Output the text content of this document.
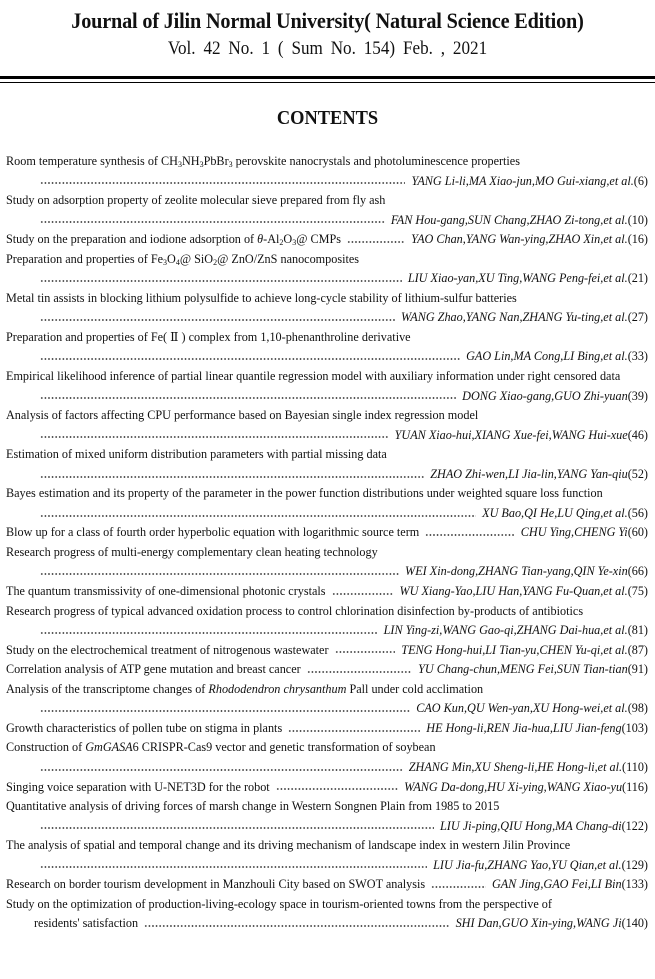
Journal of Jilin Normal University( Natural Science Edition)
Vol. 42 No. 1 ( Sum No. 154) Feb. , 2021
CONTENTS
Room temperature synthesis of $CH_3NH_3PbBr_3$ perovskite nanocrystals and photoluminescence properties
YANG Li-li,MA Xiao-jun,MO Gui-xiang,et al. (6)
Study on adsorption property of zeolite molecular sieve prepared from fly ash
FAN Hou-gang,SUN Chang,ZHAO Zi-tong,et al. (10)
Study on the preparation and iodione adsorption of $\theta-Al_2O_3@$ CMPs	YAO Chan,YANG Wan-ying,ZHAO Xin,et al. (16)
Preparation and properties of $Fe_3O_4@$ SiO$_2$@ ZnO/ZnS nanocomposites
LIU Xiao-yan,XU Ting,WANG Peng-fei,et al. (21)
Metal tin assists in blocking lithium polysulfide to achieve long-cycle stability of lithium-sulfur batteries
WANG Zhao,YANG Nan,ZHANG Yu-ting,et al. (27)
Preparation and properties of Fe( Ⅱ ) complex from 1,10-phenanthroline derivative
GAO Lin,MA Cong,LI Bing,et al. (33)
Empirical likelihood inference of partial linear quantile regression model with auxiliary information under right censored data
DONG Xiao-gang,GUO Zhi-yuan (39)
Analysis of factors affecting CPU performance based on Bayesian single index regression model
YUAN Xiao-hui,XIANG Xue-fei,WANG Hui-xue (46)
Estimation of mixed uniform distribution parameters with partial missing data
ZHAO Zhi-wen,LI Jia-lin,YANG Yan-qiu (52)
Bayes estimation and its property of the parameter in the power function distributions under weighted square loss function
XU Bao,QI He,LU Qing,et al. (56)
Blow up for a class of fourth order hyperbolic equation with logarithmic source term	CHU Ying,CHENG Yi (60)
Research progress of multi-energy complementary clean heating technology
WEI Xin-dong,ZHANG Tian-yang,QIN Ye-xin (66)
The quantum transmissivity of one-dimensional photonic crystals	WU Xiang-Yao,LIU Han,YANG Fu-Quan,et al. (75)
Research progress of typical advanced oxidation process to control chlorination disinfection by-products of antibiotics
LIN Ying-zi,WANG Gao-qi,ZHANG Dai-hua,et al. (81)
Study on the electrochemical treatment of nitrogenous wastewater	TENG Hong-hui,LI Tian-yu,CHEN Yu-qi,et al. (87)
Correlation analysis of ATP gene mutation and breast cancer	YU Chang-chun,MENG Fei,SUN Tian-tian (91)
Analysis of the transcriptome changes of Rhododendron chrysanthum Pall under cold acclimation
CAO Kun,QU Wen-yan,XU Hong-wei,et al. (98)
Growth characteristics of pollen tube on stigma in plants	HE Hong-li,REN Jia-hua,LIU Jian-feng (103)
Construction of GmGASA6 CRISPR-Cas9 vector and genetic transformation of soybean
ZHANG Min,XU Sheng-li,HE Hong-li,et al. (110)
Singing voice separation with U-NET3D for the robot	WANG Da-dong,HU Xi-ying,WANG Xiao-yu (116)
Quantitative analysis of driving forces of marsh change in Western Songnen Plain from 1985 to 2015
LIU Ji-ping,QIU Hong,MA Chang-di (122)
The analysis of spatial and temporal change and its driving mechanism of landscape index in western Jilin Province
LIU Jia-fu,ZHANG Yao,YU Qian,et al. (129)
Research on border tourism development in Manzhouli City based on SWOT analysis	GAN Jing,GAO Fei,LI Bin (133)
Study on the optimization of production-living-ecology space in tourism-oriented towns from the perspective of
residents' satisfaction	SHI Dan,GUO Xin-ying,WANG Ji (140)
